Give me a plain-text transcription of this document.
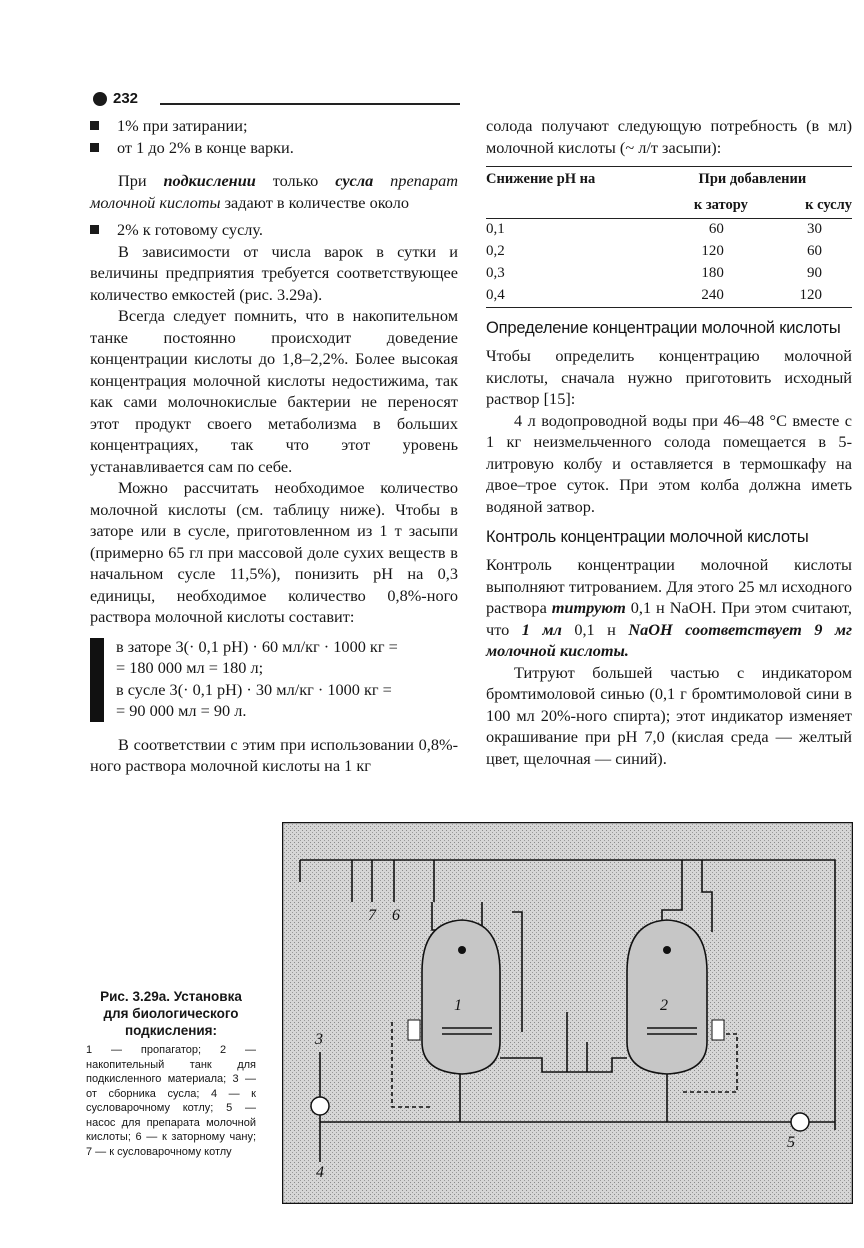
232
1% при затирании;
от 1 до 2% в конце варки.

При подкислении только сусла препарат молочной кислоты задают в количестве около

2% к готовому суслу.

В зависимости от числа варок в сутки и величины предприятия требуется соответствующее количество емкостей (рис. 3.29а).

Всегда следует помнить, что в накопительном танке постоянно происходит доведение концентрации кислоты до 1,8–2,2%. Более высокая концентрация молочной кислоты недостижима, так как сами молочнокислые бактерии не переносят этот продукт своего метаболизма в больших концентрациях, так что этот уровень устанавливается сам по себе.

Можно рассчитать необходимое количество молочной кислоты (см. таблицу ниже). Чтобы в заторе или в сусле, приготовленном из 1 т засыпи (примерно 65 гл при массовой доле сухих веществ в начальном сусле 11,5%), понизить pH на 0,3 единицы, необходимое количество 0,8%-ного раствора молочной кислоты составит:

в заторе 3(· 0,1 pH) · 60 мл/кг · 1000 кг =

= 180 000 мл = 180 л;

в сусле 3(· 0,1 pH) · 30 мл/кг · 1000 кг =

= 90 000 мл = 90 л.

В соответствии с этим при использовании 0,8%-ного раствора молочной кислоты на 1 кг

солода получают следующую потребность (в мл) молочной кислоты (~ л/т засыпи):

Снижение pH на	При добавлении	
	к затору	к суслу
0,1	60	30
0,2	120	60
0,3	180	90
0,4	240	120
Определение концентрации молочной кислоты

Чтобы определить концентрацию молочной кислоты, сначала нужно приготовить исходный раствор [15]:

4 л водопроводной воды при 46–48 °С вместе с 1 кг неизмельченного солода помещается в 5-литровую колбу и оставляется в термошкафу на двое–трое суток. При этом колба должна иметь водяной затвор.

Контроль концентрации молочной кислоты

Контроль концентрации молочной кислоты выполняют титрованием. Для этого 25 мл исходного раствора титруют 0,1 н NaOH. При этом считают, что 1 мл 0,1 н NaOH соответствует 9 мг молочной кислоты.

Титруют большей частью с индикатором бромтимоловой синью (0,1 г бромтимоловой сини в 100 мл 20%-ного спирта); этот индикатор изменяет окрашивание при pH 7,0 (кислая среда — желтый цвет, щелочная — синий).

Рис. 3.29а. Установка для биологического подкисления:
1 — пропагатор; 2 — накопительный танк для подкисленного материала; 3 — от сборника сусла; 4 — к сусловарочному котлу; 5 — насос для препарата молочной кислоты; 6 — к заторному чану; 7 — к сусловарочному котлу
1	2
3
4
5
6
7
